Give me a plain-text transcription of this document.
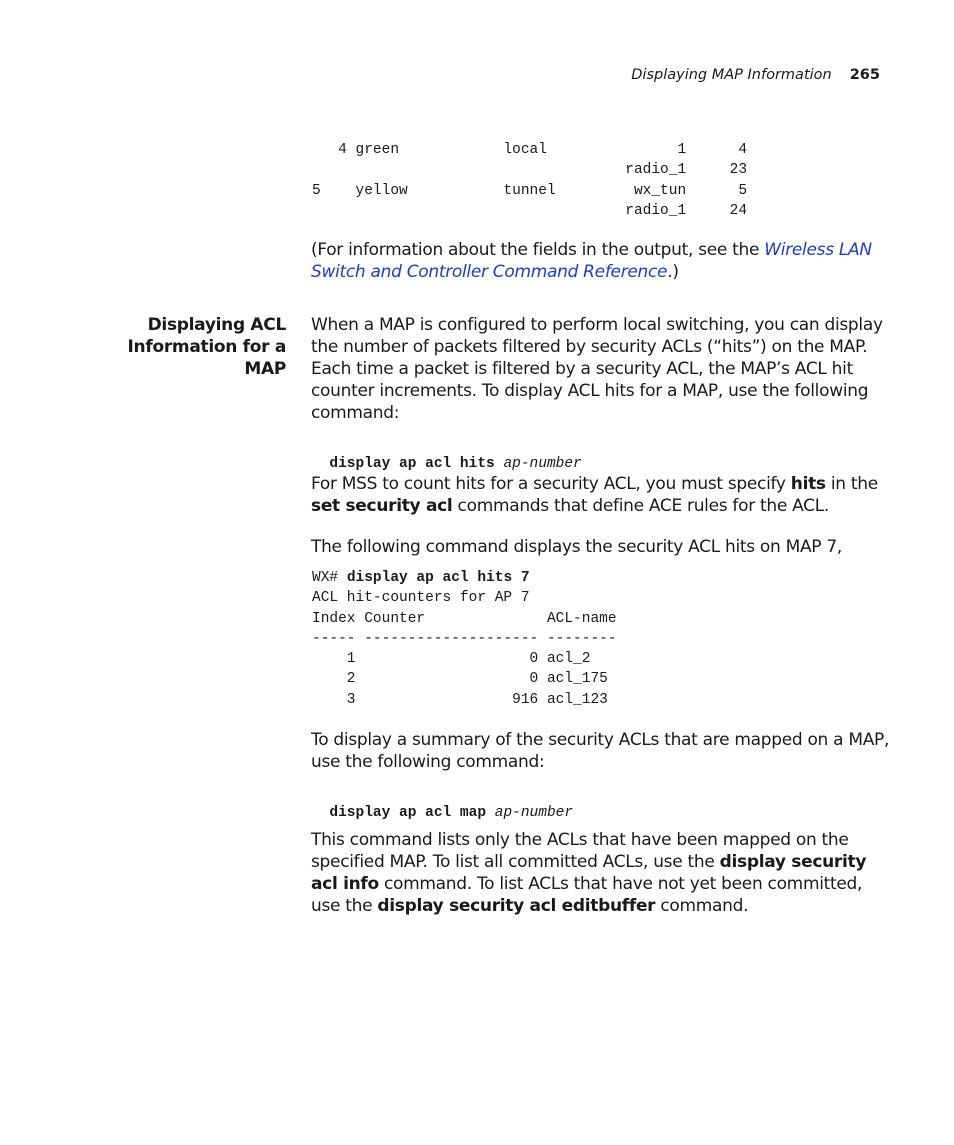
Displaying MAP Information 265
4 green            local               1      4
radio_1     23
5    yellow           tunnel         wx_tun      5
radio_1     24

(For information about the fields in the output, see the Wireless LAN Switch and Controller Command Reference.)

Displaying ACL Information for a MAP

When a MAP is configured to perform local switching, you can display the number of packets filtered by security ACLs (“hits”) on the MAP. Each time a packet is filtered by a security ACL, the MAP’s ACL hit counter increments. To display ACL hits for a MAP, use the following command:

display ap acl hits ap-number

For MSS to count hits for a security ACL, you must specify hits in the set security acl commands that define ACE rules for the ACL.

The following command displays the security ACL hits on MAP 7,

WX# display ap acl hits 7
ACL hit-counters for AP 7
Index Counter              ACL-name
----- -------------------- --------
1                    0 acl_2
2                    0 acl_175
3                  916 acl_123

To display a summary of the security ACLs that are mapped on a MAP, use the following command:

display ap acl map ap-number

This command lists only the ACLs that have been mapped on the specified MAP. To list all committed ACLs, use the display security acl info command. To list ACLs that have not yet been committed, use the display security acl editbuffer command.
